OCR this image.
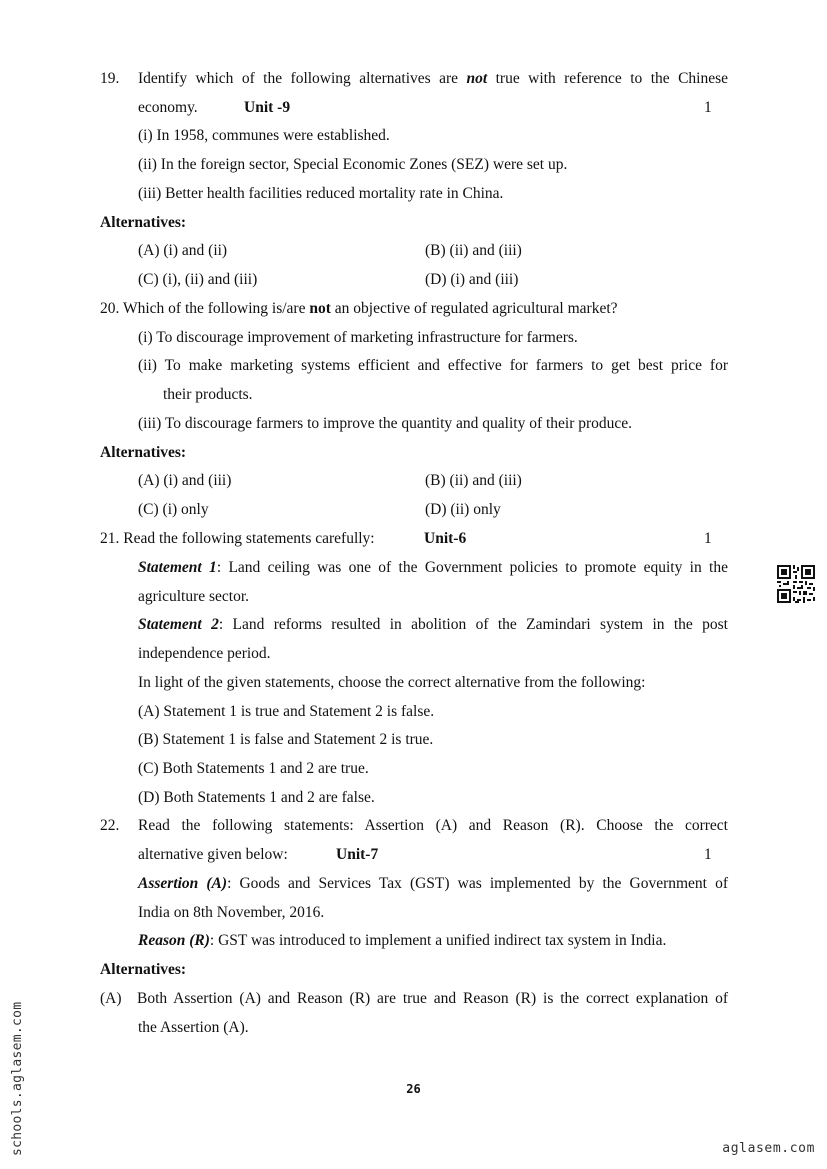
19. Identify which of the following alternatives are not true with reference to the Chinese
economy.	Unit -9	1
(i) In 1958, communes were established.
(ii) In the foreign sector, Special Economic Zones (SEZ) were set up.
(iii) Better health facilities reduced mortality rate in China.
Alternatives:
(A) (i) and (ii)	(B) (ii) and (iii)
(C) (i), (ii) and (iii)	(D) (i) and (iii)
20. Which of the following is/are not an objective of regulated agricultural market?
(i) To discourage improvement of marketing infrastructure for farmers.
(ii) To make marketing systems efficient and effective for farmers to get best price for
their products.
(iii) To discourage farmers to improve the quantity and quality of their produce.
Alternatives:
(A) (i) and (iii)	(B) (ii) and (iii)
(C) (i) only	(D) (ii) only
21. Read the following statements carefully:	Unit-6	1
Statement 1: Land ceiling was one of the Government policies to promote equity in the
agriculture sector.
Statement 2: Land reforms resulted in abolition of the Zamindari system in the post
independence period.
In light of the given statements, choose the correct alternative from the following:
(A) Statement 1 is true and Statement 2 is false.
(B) Statement 1 is false and Statement 2 is true.
(C) Both Statements 1 and 2 are true.
(D) Both Statements 1 and 2 are false.
22. Read the following statements: Assertion (A) and Reason (R). Choose the correct
alternative given below:	Unit-7	1
Assertion (A): Goods and Services Tax (GST) was implemented by the Government of
India on 8th November, 2016.
Reason (R): GST was introduced to implement a unified indirect tax system in India.
Alternatives:
(A) Both Assertion (A) and Reason (R) are true and Reason (R) is the correct explanation of
the Assertion (A).
26
schools.aglasem.com	aglasem.com
